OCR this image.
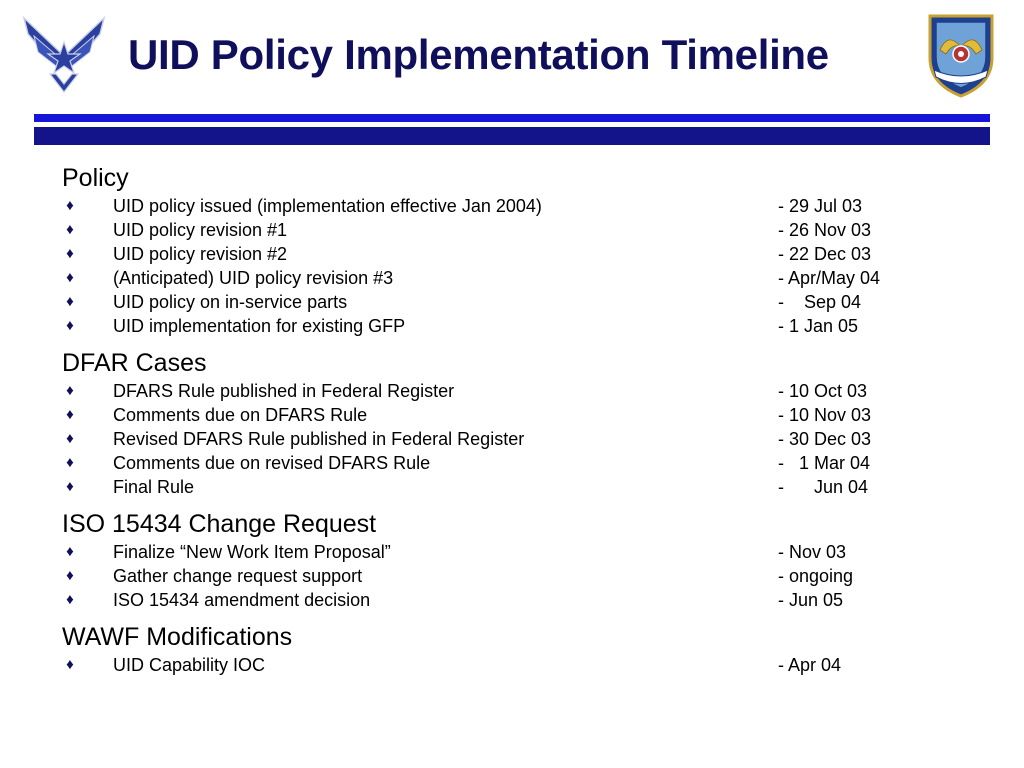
UID Policy Implementation Timeline
Policy
♦ UID policy issued (implementation effective Jan 2004)	- 29 Jul 03
♦ UID policy revision #1	- 26 Nov 03
♦ UID policy revision #2	- 22 Dec 03
♦ (Anticipated) UID policy revision #3	- Apr/May 04
♦ UID policy on in-service parts	-    Sep 04
♦ UID implementation for existing GFP	- 1 Jan 05
DFAR Cases
♦ DFARS Rule published in Federal Register	- 10 Oct 03
♦ Comments due on DFARS Rule	- 10 Nov 03
♦ Revised DFARS Rule published in Federal Register	- 30 Dec 03
♦ Comments due on revised DFARS Rule	-   1 Mar 04
♦ Final Rule	-      Jun 04
ISO 15434 Change Request
♦ Finalize “New Work Item Proposal”	- Nov 03
♦ Gather change request support	- ongoing
♦ ISO 15434 amendment decision	- Jun 05
WAWF Modifications
♦ UID Capability IOC	- Apr 04
